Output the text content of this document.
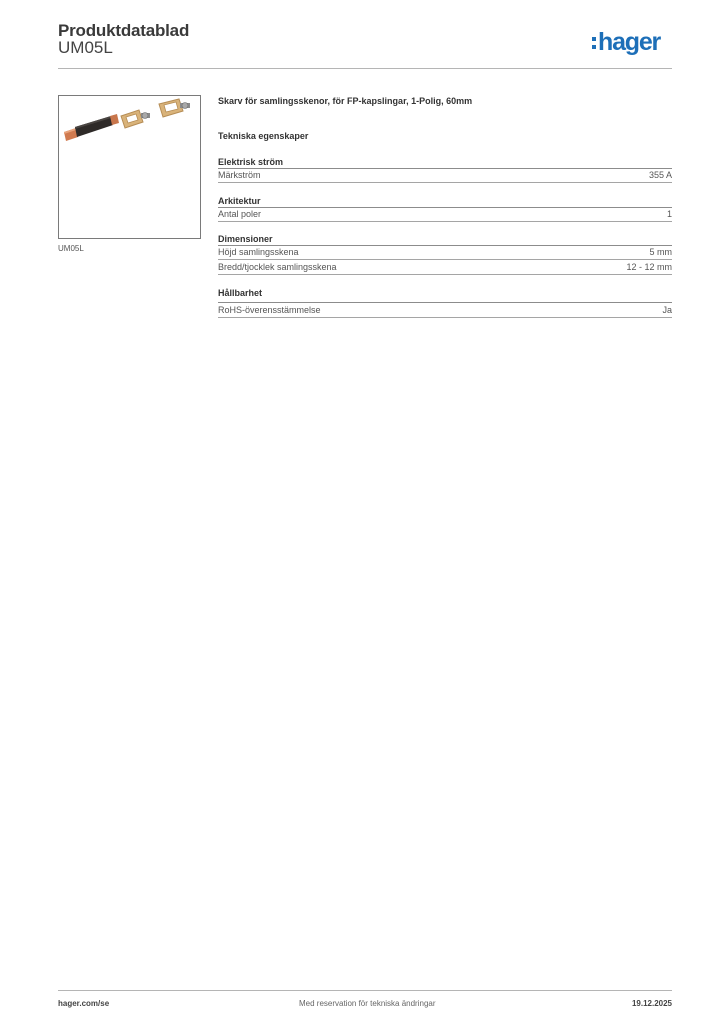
Produktdatablad
UM05L	hager
UM05L
Skarv för samlingsskenor, för FP-kapslingar, 1-Polig, 60mm
Tekniska egenskaper
Elektrisk ström
Märkström	355 A
Arkitektur
Antal poler	1
Dimensioner
Höjd samlingsskena	5 mm
Bredd/tjocklek samlingsskena	12 - 12 mm
Hållbarhet
RoHS-överensstämmelse	Ja
hager.com/se	Med reservation för tekniska ändringar	19.12.2025
